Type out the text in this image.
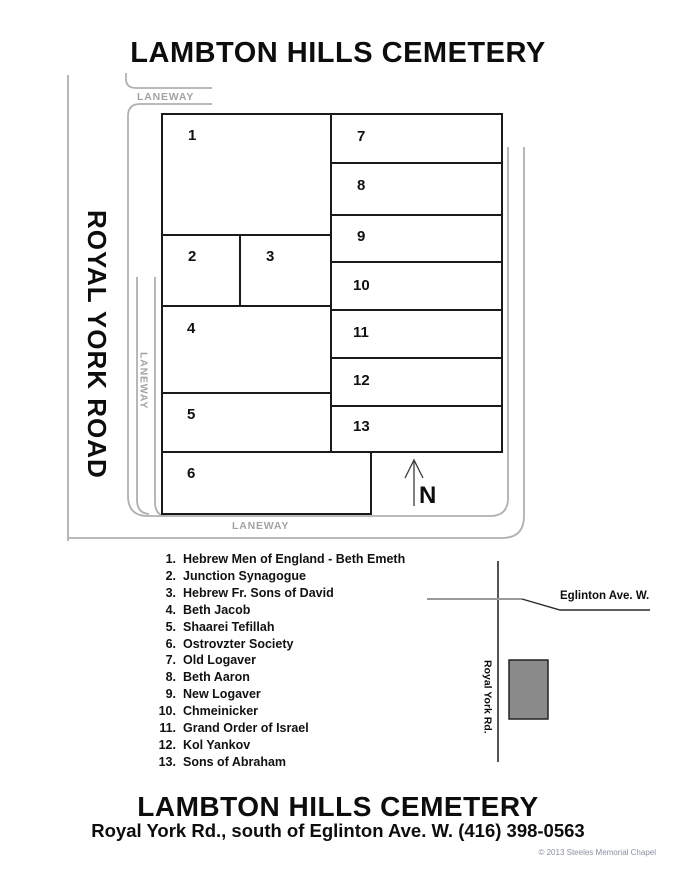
LAMBTON HILLS CEMETERY
ROYAL YORK ROAD
LANEWAY
LANEWAY
LANEWAY
N
1
2	3
4
5
6
7
8
9
10
11
12
13
1. Hebrew Men of England - Beth Emeth
2. Junction Synagogue
3. Hebrew Fr. Sons of David
4. Beth Jacob
5. Shaarei Tefillah
6. Ostrovzter Society
7. Old Logaver
8. Beth Aaron
9. New Logaver
10. Chmeinicker
11. Grand Order of Israel
12. Kol Yankov
13. Sons of Abraham
Eglinton Ave. W.
Royal York Rd.
LAMBTON HILLS CEMETERY
Royal York Rd., south of Eglinton Ave. W. (416) 398-0563
© 2013 Steeles Memorial Chapel
